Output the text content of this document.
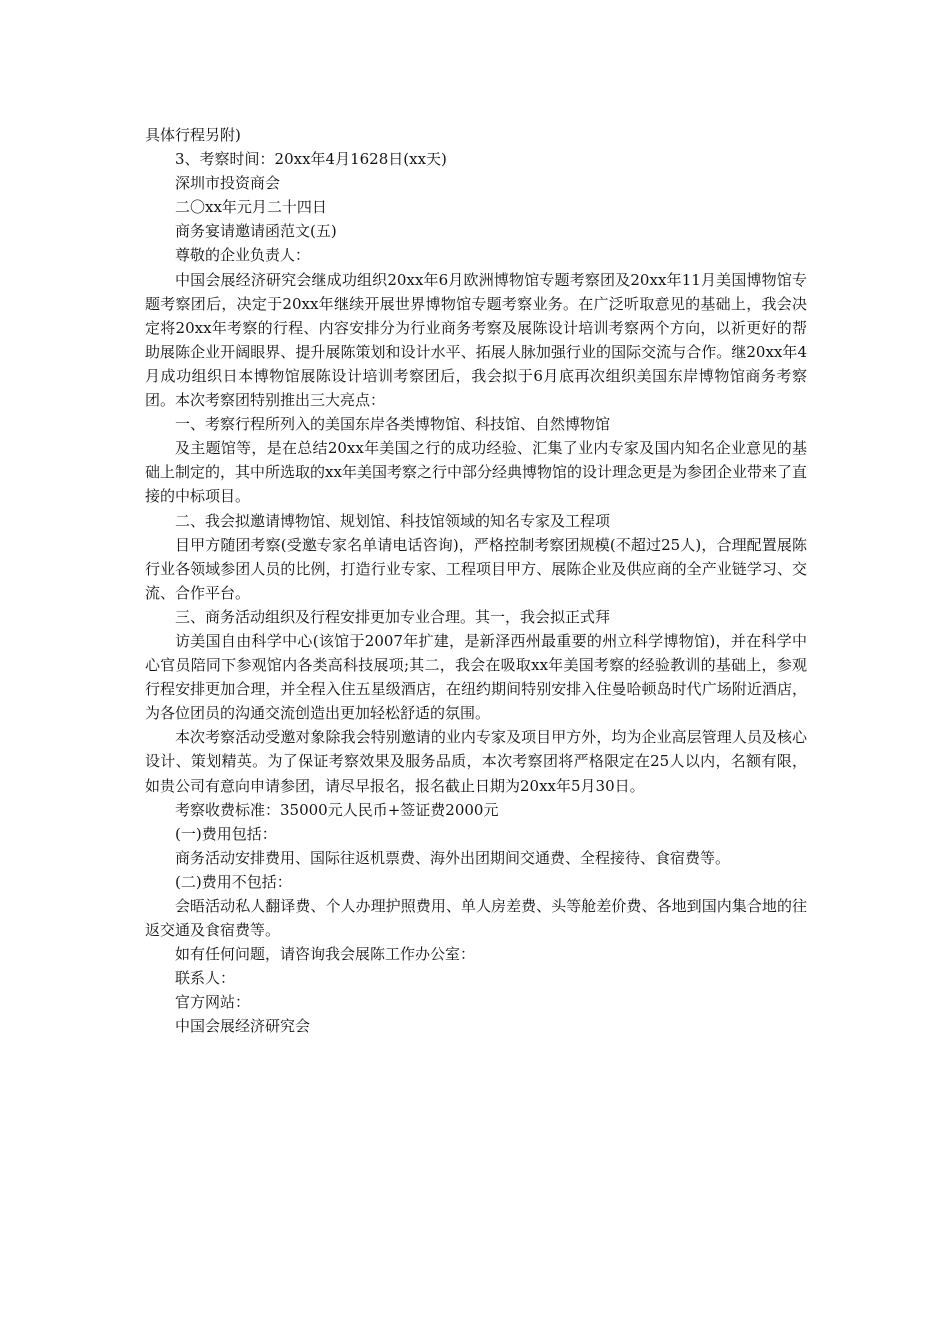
具体行程另附)

3、考察时间：20xx年4月1628日(xx天)

深圳市投资商会

二〇xx年元月二十四日

商务宴请邀请函范文(五)

尊敬的企业负责人：

中国会展经济研究会继成功组织20xx年6月欧洲博物馆专题考察团及20xx年11月美国博物馆专题考察团后，决定于20xx年继续开展世界博物馆专题考察业务。在广泛听取意见的基础上，我会决定将20xx年考察的行程、内容安排分为行业商务考察及展陈设计培训考察两个方向，以祈更好的帮助展陈企业开阔眼界、提升展陈策划和设计水平、拓展人脉加强行业的国际交流与合作。继20xx年4月成功组织日本博物馆展陈设计培训考察团后，我会拟于6月底再次组织美国东岸博物馆商务考察团。本次考察团特别推出三大亮点：

一、考察行程所列入的美国东岸各类博物馆、科技馆、自然博物馆

及主题馆等，是在总结20xx年美国之行的成功经验、汇集了业内专家及国内知名企业意见的基础上制定的，其中所选取的xx年美国考察之行中部分经典博物馆的设计理念更是为参团企业带来了直接的中标项目。

二、我会拟邀请博物馆、规划馆、科技馆领域的知名专家及工程项

目甲方随团考察(受邀专家名单请电话咨询)，严格控制考察团规模(不超过25人)，合理配置展陈行业各领域参团人员的比例，打造行业专家、工程项目甲方、展陈企业及供应商的全产业链学习、交流、合作平台。

三、商务活动组织及行程安排更加专业合理。其一，我会拟正式拜

访美国自由科学中心(该馆于2007年扩建，是新泽西州最重要的州立科学博物馆)，并在科学中心官员陪同下参观馆内各类高科技展项;其二，我会在吸取xx年美国考察的经验教训的基础上，参观行程安排更加合理，并全程入住五星级酒店，在纽约期间特别安排入住曼哈顿岛时代广场附近酒店，为各位团员的沟通交流创造出更加轻松舒适的氛围。

本次考察活动受邀对象除我会特别邀请的业内专家及项目甲方外，均为企业高层管理人员及核心设计、策划精英。为了保证考察效果及服务品质，本次考察团将严格限定在25人以内，名额有限，如贵公司有意向申请参团，请尽早报名，报名截止日期为20xx年5月30日。

考察收费标准：35000元人民币+签证费2000元

(一)费用包括：

商务活动安排费用、国际往返机票费、海外出团期间交通费、全程接待、食宿费等。

(二)费用不包括：

会晤活动私人翻译费、个人办理护照费用、单人房差费、头等舱差价费、各地到国内集合地的往返交通及食宿费等。

如有任何问题，请咨询我会展陈工作办公室：

联系人：

官方网站：

中国会展经济研究会
